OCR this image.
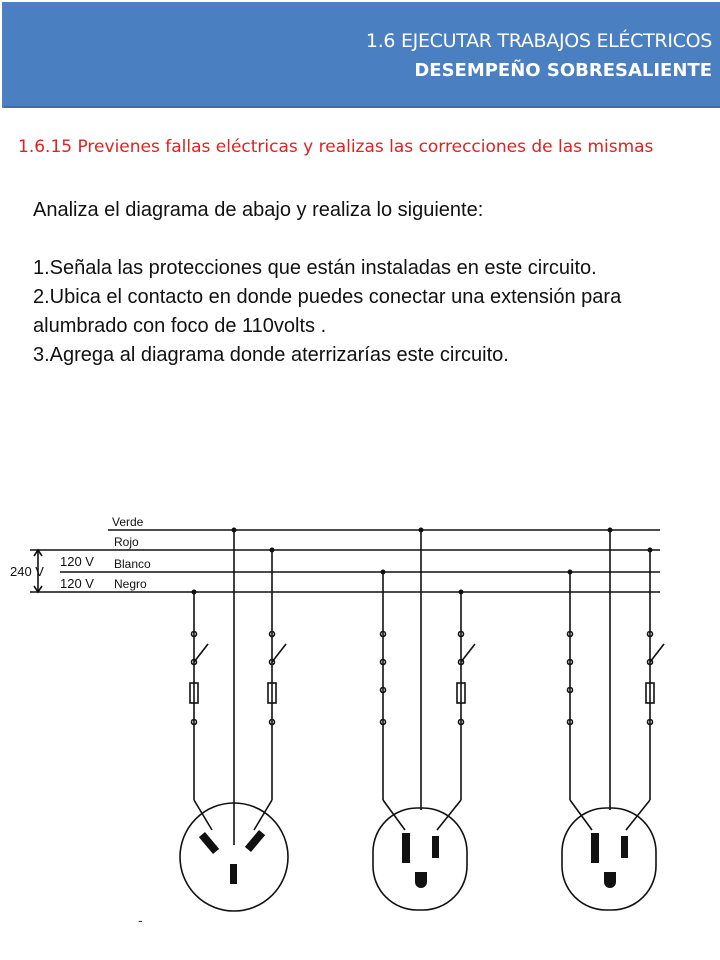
1.6 EJECUTAR TRABAJOS ELÉCTRICOS
DESEMPEÑO SOBRESALIENTE
1.6.15 Previenes fallas eléctricas y realizas las correcciones de las mismas

Analiza el diagrama de abajo y realiza lo siguiente:

1.Señala las protecciones que están instaladas en este circuito.

2.Ubica el contacto en donde puedes conectar una extensión para alumbrado con foco de 110volts .

3.Agrega al diagrama donde aterrizarías este circuito.

Verde
Rojo
Blanco
Negro
120 V
120 V
240 V
-
